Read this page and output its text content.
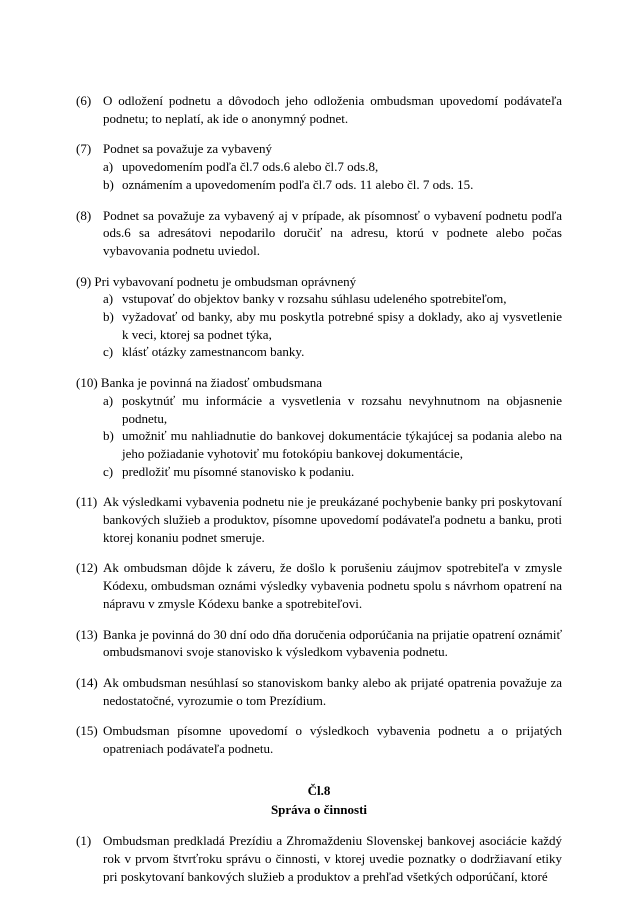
(6) O odložení podnetu a dôvodoch jeho odloženia ombudsman upovedomí podávateľa podnetu; to neplatí, ak ide o anonymný podnet.
(7) Podnet sa považuje za vybavený
a) upovedomením podľa čl.7 ods.6 alebo čl.7 ods.8,
b) oznámením a upovedomením podľa čl.7 ods. 11 alebo čl. 7 ods. 15.
(8) Podnet sa považuje za vybavený aj v prípade, ak písomnosť o vybavení podnetu podľa ods.6 sa adresátovi nepodarilo doručiť na adresu, ktorú v podnete alebo počas vybavovania podnetu uviedol.
(9) Pri vybavovaní podnetu je ombudsman oprávnený
a) vstupovať do objektov banky v rozsahu súhlasu udeleného spotrebiteľom,
b) vyžadovať od banky, aby mu poskytla potrebné spisy a doklady, ako aj vysvetlenie k veci, ktorej sa podnet týka,
c) klásť otázky zamestnancom banky.
(10) Banka je povinná na žiadosť ombudsmana
a) poskytnúť mu informácie a vysvetlenia v rozsahu nevyhnutnom na objasnenie podnetu,
b) umožniť mu nahliadnutie do bankovej dokumentácie týkajúcej sa podania alebo na jeho požiadanie vyhotoviť mu fotokópiu bankovej dokumentácie,
c) predložiť mu písomné stanovisko k podaniu.
(11) Ak výsledkami vybavenia podnetu nie je preukázané pochybenie banky pri poskytovaní bankových služieb a produktov, písomne upovedomí podávateľa podnetu a banku, proti ktorej konaniu podnet smeruje.
(12) Ak ombudsman dôjde k záveru, že došlo k porušeniu záujmov spotrebiteľa v zmysle Kódexu, ombudsman oznámi výsledky vybavenia podnetu spolu s návrhom opatrení na nápravu v zmysle Kódexu banke a spotrebiteľovi.
(13) Banka je povinná do 30 dní odo dňa doručenia odporúčania na prijatie opatrení oznámiť ombudsmanovi svoje stanovisko k výsledkom vybavenia podnetu.
(14) Ak ombudsman nesúhlasí so stanoviskom banky alebo ak prijaté opatrenia považuje za nedostatočné, vyrozumie o tom Prezídium.
(15) Ombudsman písomne upovedomí o výsledkoch vybavenia podnetu a o prijatých opatreniach podávateľa podnetu.
Čl.8
Správa o činnosti
(1) Ombudsman predkladá Prezídiu a Zhromaždeniu Slovenskej bankovej asociácie každý rok v prvom štvrťroku správu o činnosti, v ktorej uvedie poznatky o dodržiavaní etiky pri poskytovaní bankových služieb a produktov a prehľad všetkých odporúčaní, ktoré
